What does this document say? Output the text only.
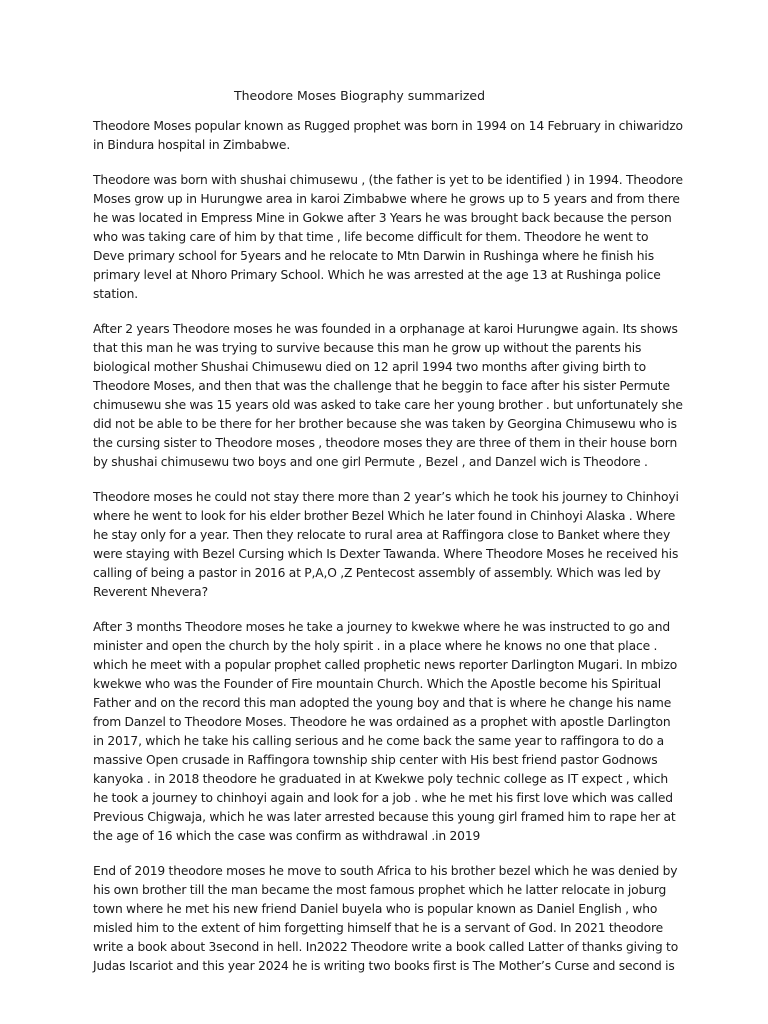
Theodore Moses Biography summarized

Theodore Moses popular known as Rugged prophet was born in 1994 on 14 February in chiwaridzo in Bindura hospital in Zimbabwe.

Theodore was born with shushai chimusewu , (the father is yet to be identified ) in 1994. Theodore Moses grow up in Hurungwe area in karoi Zimbabwe where he grows up to 5 years and from there he was located in Empress Mine in Gokwe after 3 Years he was brought back because the person who was taking care of him by that time , life become difficult for them. Theodore he went to Deve primary school for 5years and he relocate to Mtn Darwin in Rushinga where he finish his primary level at Nhoro Primary School. Which he was arrested at the age 13 at Rushinga police station.

After 2 years Theodore moses he was founded in a orphanage at karoi Hurungwe again. Its shows that this man he was trying to survive because this man he grow up without the parents his biological mother Shushai Chimusewu died on 12 april 1994 two months after giving birth to Theodore Moses, and then that was the challenge that he beggin to face after his sister Permute chimusewu she was 15 years old was asked to take care her young brother . but unfortunately she did not be able to be there for her brother because she was taken by Georgina Chimusewu who is the cursing sister to Theodore moses , theodore moses they are three of them in their house born by shushai chimusewu two boys and one girl Permute , Bezel , and Danzel wich is Theodore .

Theodore moses he could not stay there more than 2 year’s which he took his journey to Chinhoyi where he went to look for his elder brother Bezel Which he later found in Chinhoyi Alaska . Where he stay only for a year. Then they relocate to rural area at Raffingora close to Banket where they were staying with Bezel Cursing which Is Dexter Tawanda. Where Theodore Moses he received his calling of being a pastor in 2016 at P,A,O ,Z Pentecost assembly of assembly. Which was led by Reverent Nhevera?

After 3 months Theodore moses he take a journey to kwekwe where he was instructed to go and minister and open the church by the holy spirit . in a place where he knows no one that place . which he meet with a popular prophet called prophetic news reporter Darlington Mugari. In mbizo kwekwe who was the Founder of Fire mountain Church. Which the Apostle become his Spiritual Father and on the record this man adopted the young boy and that is where he change his name from Danzel to Theodore Moses. Theodore he was ordained as a prophet with apostle Darlington in 2017, which he take his calling serious and he come back the same year to raffingora to do a massive Open crusade in Raffingora township ship center with His best friend pastor Godnows kanyoka . in 2018 theodore he graduated in at Kwekwe poly technic college as IT expect , which he took a journey to chinhoyi again and look for a job . whe he met his first love which was called Previous Chigwaja, which he was later arrested because this young girl framed him to rape her at the age of 16 which the case was confirm as withdrawal .in 2019

End of 2019 theodore moses he move to south Africa to his brother bezel which he was denied by his own brother till the man became the most famous prophet which he latter relocate in joburg town where he met his new friend Daniel buyela who is popular known as Daniel English , who misled him to the extent of him forgetting himself that he is a servant of God. In 2021 theodore write a book about 3second in hell. In2022 Theodore write a book called Latter of thanks giving to Judas Iscariot and this year 2024 he is writing two books first is The Mother’s Curse and second is
